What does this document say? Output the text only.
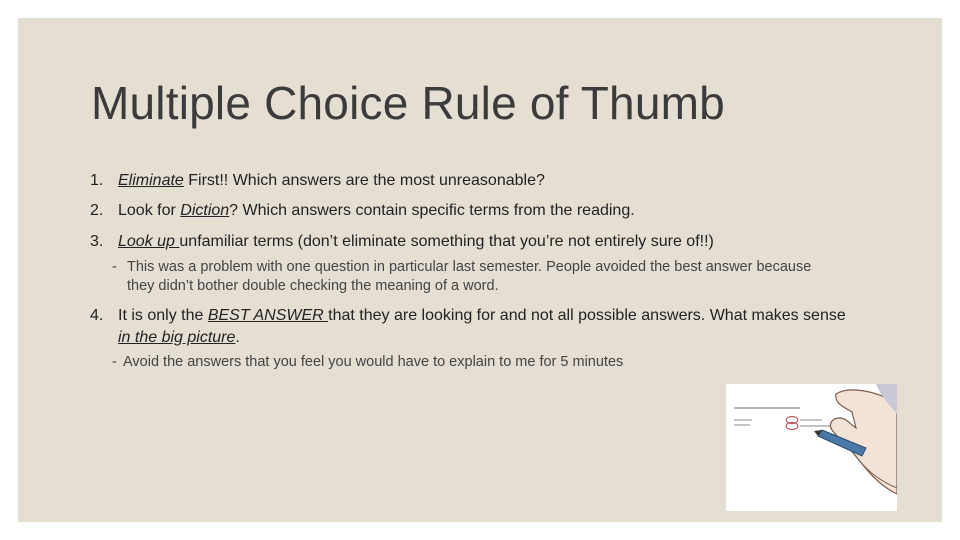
Multiple Choice Rule of Thumb
1. Eliminate First!! Which answers are the most unreasonable?
2. Look for Diction? Which answers contain specific terms from the reading.
3. Look up unfamiliar terms (don’t eliminate something that you’re not entirely sure of!!)
- This was a problem with one question in particular last semester. People avoided the best answer because they didn’t bother double checking the meaning of a word.
4. It is only the BEST ANSWER that they are looking for and not all possible answers. What makes sense in the big picture.
- Avoid the answers that you feel you would have to explain to me for 5 minutes
